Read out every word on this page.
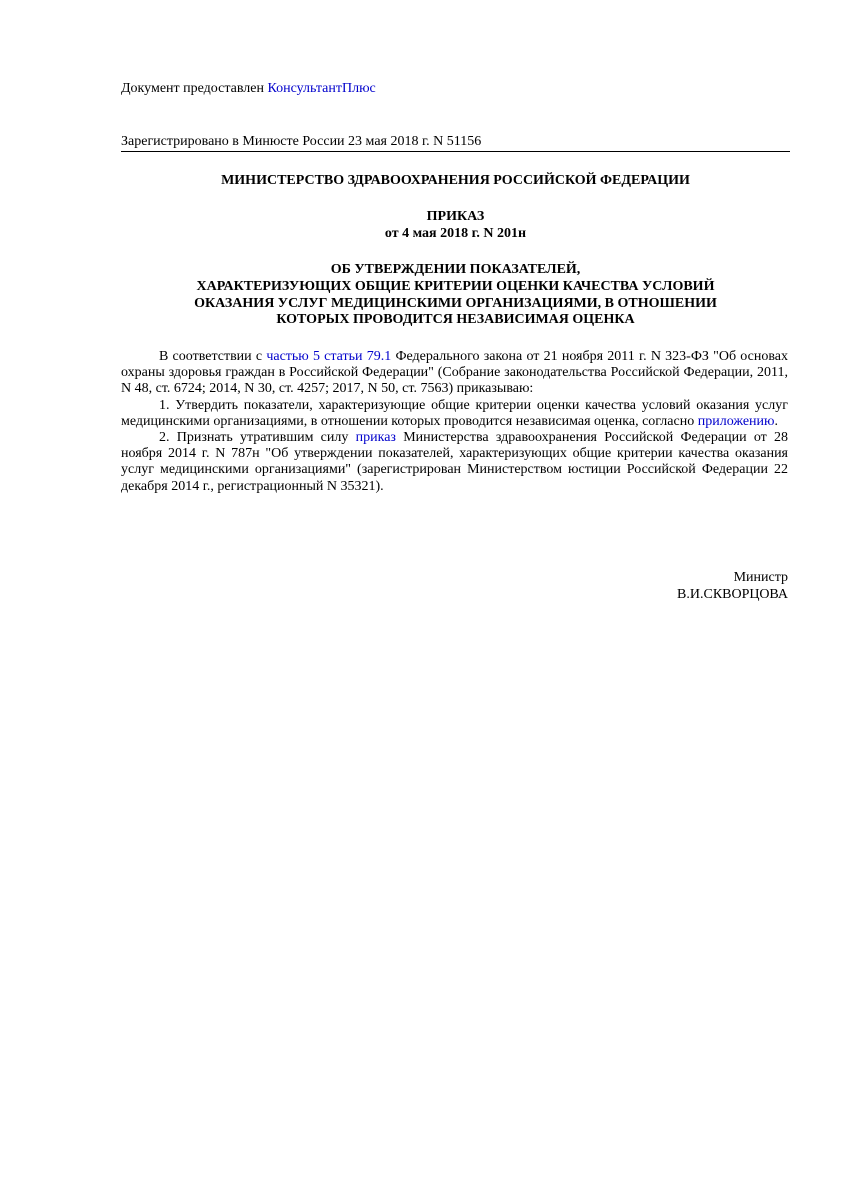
Документ предоставлен КонсультантПлюс
Зарегистрировано в Минюсте России 23 мая 2018 г. N 51156
МИНИСТЕРСТВО ЗДРАВООХРАНЕНИЯ РОССИЙСКОЙ ФЕДЕРАЦИИ
ПРИКАЗ
от 4 мая 2018 г. N 201н
ОБ УТВЕРЖДЕНИИ ПОКАЗАТЕЛЕЙ,
ХАРАКТЕРИЗУЮЩИХ ОБЩИЕ КРИТЕРИИ ОЦЕНКИ КАЧЕСТВА УСЛОВИЙ
ОКАЗАНИЯ УСЛУГ МЕДИЦИНСКИМИ ОРГАНИЗАЦИЯМИ, В ОТНОШЕНИИ
КОТОРЫХ ПРОВОДИТСЯ НЕЗАВИСИМАЯ ОЦЕНКА

В соответствии с частью 5 статьи 79.1 Федерального закона от 21 ноября 2011 г. N 323-ФЗ "Об основах охраны здоровья граждан в Российской Федерации" (Собрание законодательства Российской Федерации, 2011, N 48, ст. 6724; 2014, N 30, ст. 4257; 2017, N 50, ст. 7563) приказываю:

1. Утвердить показатели, характеризующие общие критерии оценки качества условий оказания услуг медицинскими организациями, в отношении которых проводится независимая оценка, согласно приложению.

2. Признать утратившим силу приказ Министерства здравоохранения Российской Федерации от 28 ноября 2014 г. N 787н "Об утверждении показателей, характеризующих общие критерии качества оказания услуг медицинскими организациями" (зарегистрирован Министерством юстиции Российской Федерации 22 декабря 2014 г., регистрационный N 35321).

Министр
В.И.СКВОРЦОВА
